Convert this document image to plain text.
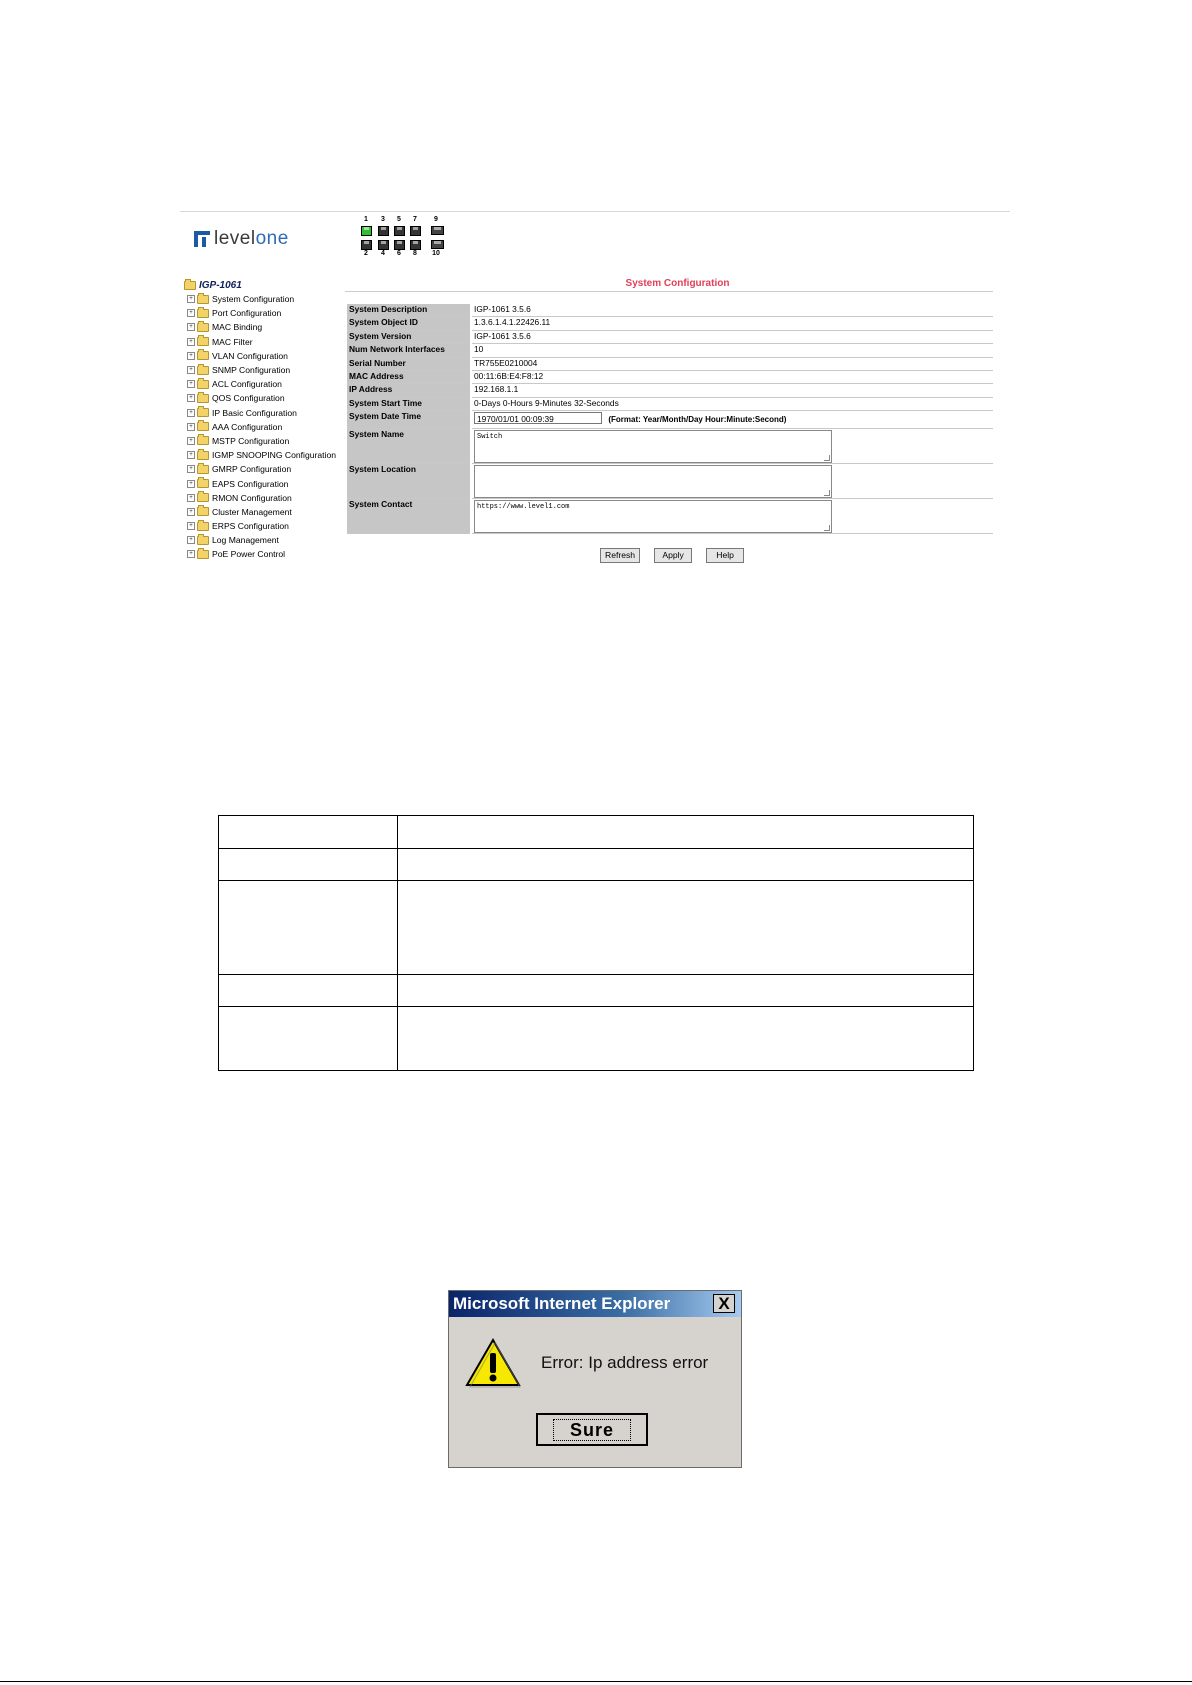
levelone
1	3	5	7	9
2	4	6	8	10
IGP-1061
+ System Configuration
+ Port Configuration
+ MAC Binding
+ MAC Filter
+ VLAN Configuration
+ SNMP Configuration
+ ACL Configuration
+ QOS Configuration
+ IP Basic Configuration
+ AAA Configuration
+ MSTP Configuration
+ IGMP SNOOPING Configuration
+ GMRP Configuration
+ EAPS Configuration
+ RMON Configuration
+ Cluster Management
+ ERPS Configuration
+ Log Management
+ PoE Power Control
System Configuration
System Description	IGP-1061 3.5.6
System Object ID	1.3.6.1.4.1.22426.11
System Version	IGP-1061 3.5.6
Num Network Interfaces	10
Serial Number	TR755E0210004
MAC Address	00:11:6B:E4:F8:12
IP Address	192.168.1.1
System Start Time	0-Days 0-Hours 9-Minutes 32-Seconds
System Date Time	1970/01/01 00:09:39 (Format: Year/Month/Day Hour:Minute:Second)
System Name	Switch

System Location	

System Contact	https://www.level1.com
Refresh	Apply	Help
Microsoft Internet Explorer	X
Error: Ip address error
Sure
